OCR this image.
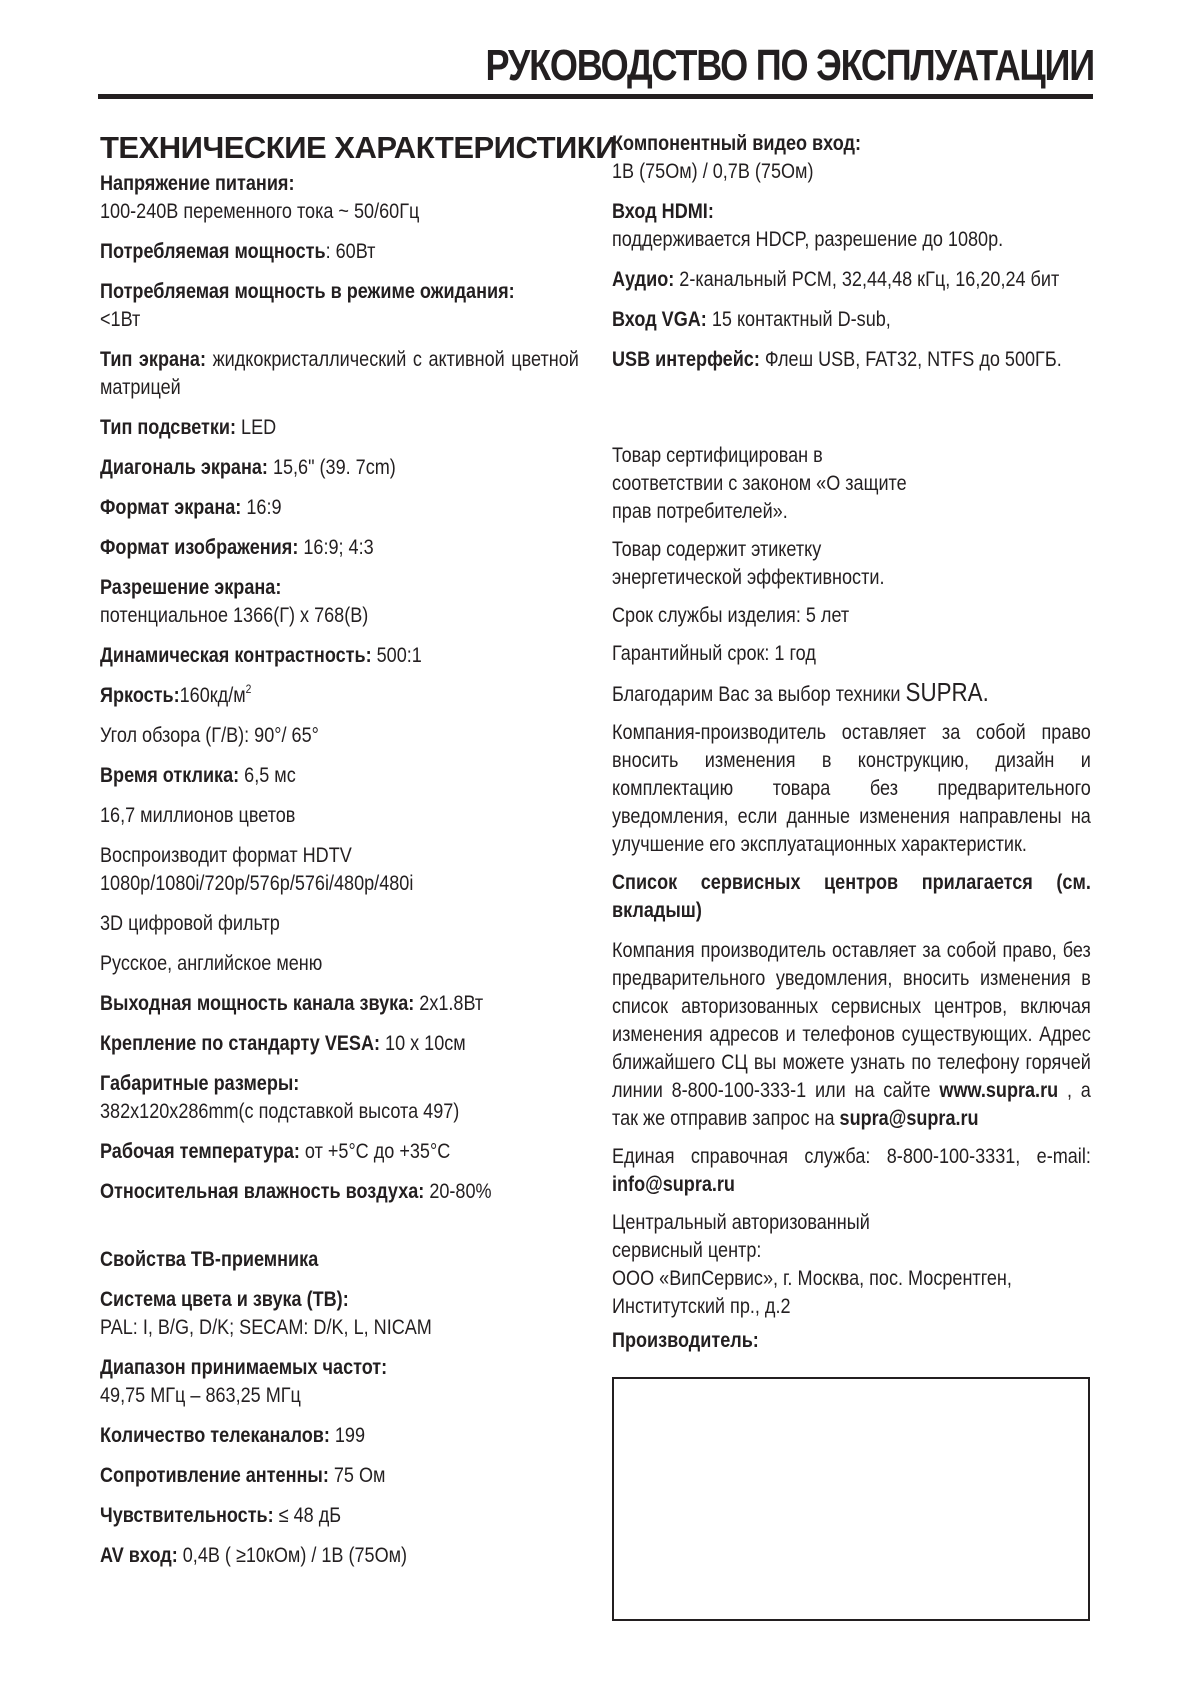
РУКОВОДСТВО ПО ЭКСПЛУАТАЦИИ
ТЕХНИЧЕСКИЕ ХАРАКТЕРИСТИКИ

Напряжение питания:
100-240В переменного тока ~ 50/60Гц

Потребляемая мощность: 60Вт

Потребляемая мощность в режиме ожидания:
<1Вт

Тип экрана: жидкокристаллический с активной цветной матрицей

Тип подсветки: LED

Диагональ экрана: 15,6" (39. 7cm)

Формат экрана: 16:9

Формат изображения: 16:9; 4:3

Разрешение экрана:
потенциальное 1366(Г) х 768(В)

Динамическая контрастность: 500:1

$Яркость:160кд/м^2$

Угол обзора (Г/В): 90°/ 65°

Время отклика: 6,5 мс

16,7 миллионов цветов

Воспроизводит формат HDTV 1080p/1080i/720p/576p/576i/480p/480i

3D цифровой фильтр

Русское, английское меню

Выходная мощность канала звука: 2х1.8Вт

Крепление по стандарту VESA: 10 х 10см

Габаритные размеры:
382x120x286mm(с подставкой высота 497)

Рабочая температура: от +5°С до +35°С

Относительная влажность воздуха: 20-80%

Свойства ТВ-приемника

Система цвета и звука (ТВ):
PAL: I, B/G, D/K; SECAM: D/K, L, NICAM

Диапазон принимаемых частот:
49,75 МГц – 863,25 МГц

Количество телеканалов: 199

Сопротивление антенны: 75 Ом

Чувствительность: ≤ 48 дБ

AV вход: 0,4В ( ≥10кОм) / 1В (75Ом)

Компонентный видео вход:
1В (75Ом) / 0,7В (75Ом)

Вход HDMI:
поддерживается HDCP, разрешение до 1080p.

Аудио: 2-канальный PCM, 32,44,48 кГц, 16,20,24 бит

Вход VGA: 15 контактный D-sub,

USB интерфейс: Флеш USB, FAT32, NTFS до 500ГБ.

Товар сертифицирован в соответствии с законом «О защите прав потребителей».

Товар содержит этикетку энергетической эффективности.

Срок службы изделия: 5 лет

Гарантийный срок: 1 год

Благодарим Вас за выбор техники SUPRA.

Компания-производитель оставляет за собой право вносить изменения в конструкцию, дизайн и комплектацию товара без предварительного уведомления, если данные изменения направлены на улучшение его эксплуатационных характеристик.

Список сервисных центров прилагается (см. вкладыш)

Компания производитель оставляет за собой право, без предварительного уведомления, вносить изменения в список авторизованных сервисных центров, включая изменения адресов и телефонов существующих. Адрес ближайшего СЦ вы можете узнать по телефону горячей линии 8-800-100-333-1 или на сайте www.supra.ru , а так же отправив запрос на supra@supra.ru

Единая справочная служба: 8-800-100-3331, e-mail: info@supra.ru

Центральный авторизованный сервисный центр:
ООО «ВипСервис», г. Москва, пос. Мосрентген, Институтский пр., д.2

Производитель:
